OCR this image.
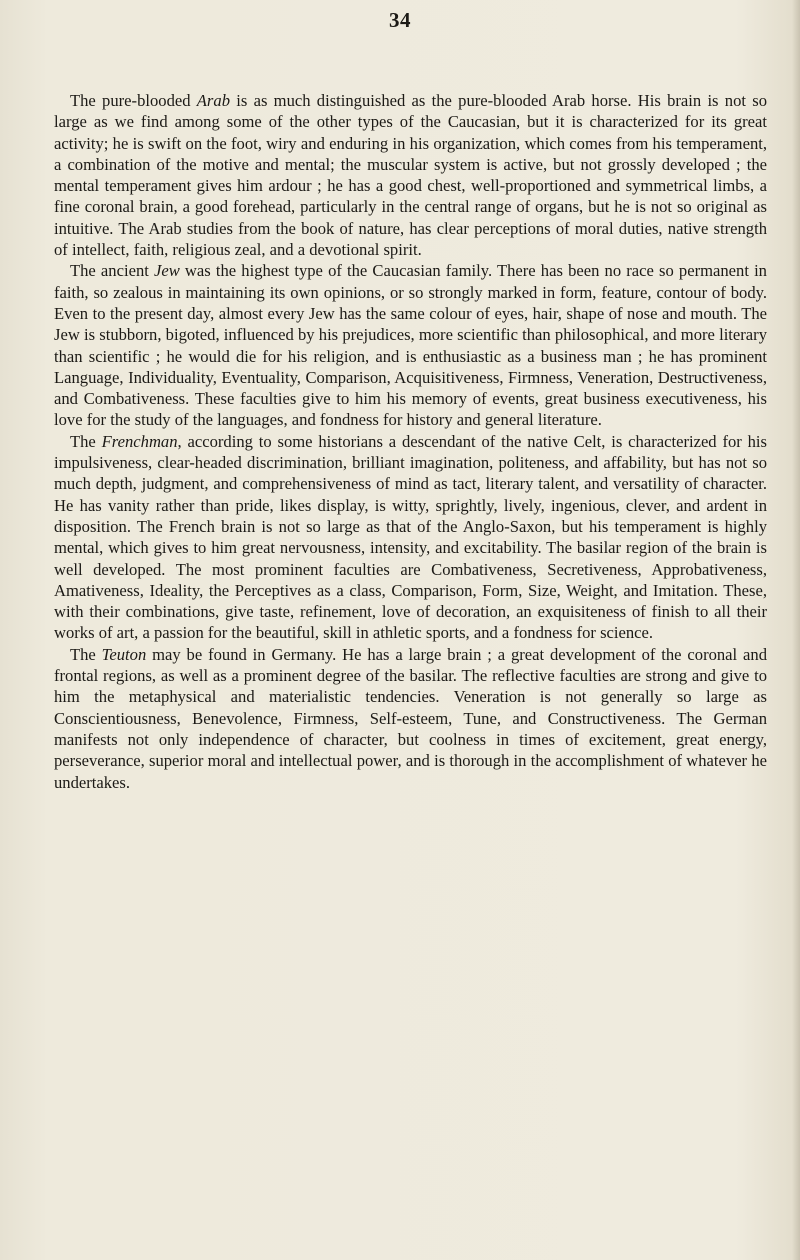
34

The pure-blooded Arab is as much distinguished as the pure-blooded Arab horse. His brain is not so large as we find among some of the other types of the Caucasian, but it is characterized for its great activity; he is swift on the foot, wiry and enduring in his organization, which comes from his temperament, a combination of the motive and mental; the muscular system is active, but not grossly developed ; the mental temperament gives him ardour ; he has a good chest, well-proportioned and symmetrical limbs, a fine coronal brain, a good forehead, particularly in the central range of organs, but he is not so original as intuitive. The Arab studies from the book of nature, has clear perceptions of moral duties, native strength of intellect, faith, religious zeal, and a devotional spirit.

The ancient Jew was the highest type of the Caucasian family. There has been no race so permanent in faith, so zealous in maintaining its own opinions, or so strongly marked in form, feature, contour of body. Even to the present day, almost every Jew has the same colour of eyes, hair, shape of nose and mouth. The Jew is stubborn, bigoted, influenced by his prejudices, more scientific than philosophical, and more literary than scientific ; he would die for his religion, and is enthusiastic as a business man ; he has prominent Language, Individuality, Eventuality, Comparison, Acquisitiveness, Firmness, Veneration, Destructiveness, and Combativeness. These faculties give to him his memory of events, great business executiveness, his love for the study of the languages, and fondness for history and general literature.

The Frenchman, according to some historians a descendant of the native Celt, is characterized for his impulsiveness, clear-headed discrimination, brilliant imagination, politeness, and affability, but has not so much depth, judgment, and comprehensiveness of mind as tact, literary talent, and versatility of character. He has vanity rather than pride, likes display, is witty, sprightly, lively, ingenious, clever, and ardent in disposition. The French brain is not so large as that of the Anglo-Saxon, but his temperament is highly mental, which gives to him great nervousness, intensity, and excitability. The basilar region of the brain is well developed. The most prominent faculties are Combativeness, Secretiveness, Approbativeness, Amativeness, Ideality, the Perceptives as a class, Comparison, Form, Size, Weight, and Imitation. These, with their combinations, give taste, refinement, love of decoration, an exquisiteness of finish to all their works of art, a passion for the beautiful, skill in athletic sports, and a fondness for science.

The Teuton may be found in Germany. He has a large brain ; a great development of the coronal and frontal regions, as well as a prominent degree of the basilar. The reflective faculties are strong and give to him the metaphysical and materialistic tendencies. Veneration is not generally so large as Conscientiousness, Benevolence, Firmness, Self-esteem, Tune, and Constructiveness. The German manifests not only independence of character, but coolness in times of excitement, great energy, perseverance, superior moral and intellectual power, and is thorough in the accomplishment of whatever he undertakes.
